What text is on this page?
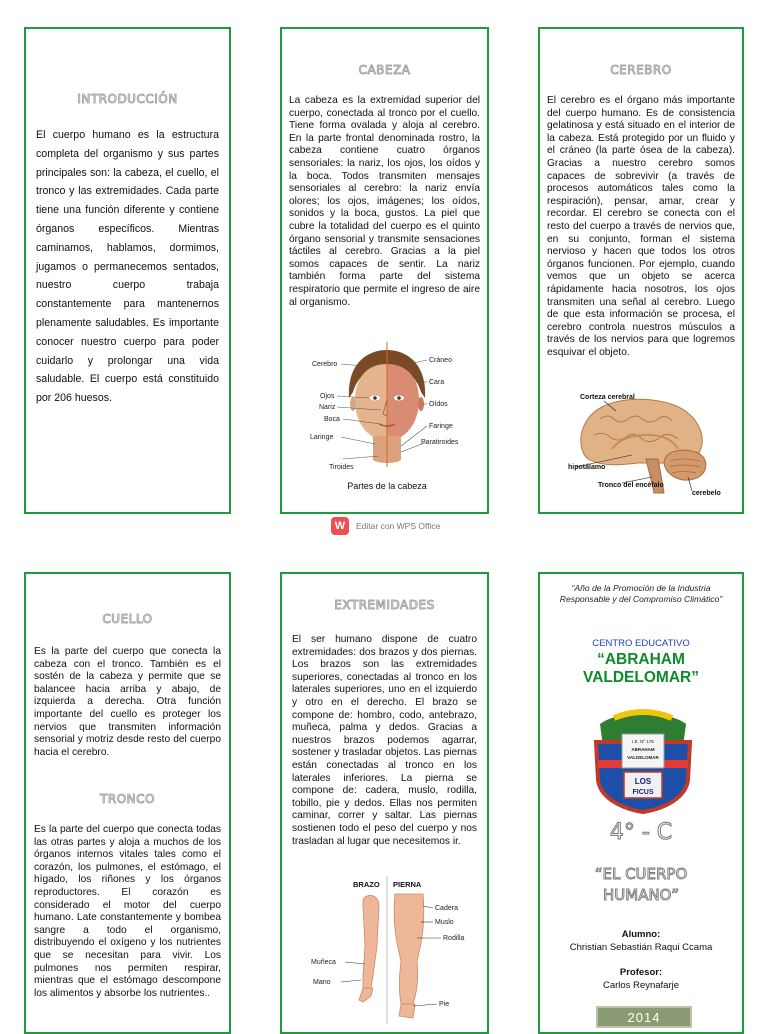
INTRODUCCIÓN
El cuerpo humano es la estructura completa del organismo y sus partes principales son: la cabeza, el cuello, el tronco y las extremidades. Cada parte tiene una función diferente y contiene órganos específicos. Mientras caminamos, hablamos, dormimos, jugamos o permanecemos sentados, nuestro cuerpo trabaja constantemente para mantenernos plenamente saludables. Es importante conocer nuestro cuerpo para poder cuidarlo y prolongar una vida saludable. El cuerpo está constituido por 206 huesos.
CABEZA
La cabeza es la extremidad superior del cuerpo, conectada al tronco por el cuello. Tiene forma ovalada y aloja al cerebro. En la parte frontal denominada rostro, la cabeza contiene cuatro órganos sensoriales: la nariz, los ojos, los oídos y la boca. Todos transmiten mensajes sensoriales al cerebro: la nariz envía olores; los ojos, imágenes; los oídos, sonidos y la boca, gustos. La piel que cubre la totalidad del cuerpo es el quinto órgano sensorial y transmite sensaciones táctiles al cerebro. Gracias a la piel somos capaces de sentir. La nariz también forma parte del sistema respiratorio que permite el ingreso de aire al organismo.
Cerebro
Ojos
Nariz
Boca
Laringe
Tiroides
Cráneo
Cara
Oídos
Faringe
Paratiroides
Partes de la cabeza
CEREBRO
El cerebro es el órgano más importante del cuerpo humano. Es de consistencia gelatinosa y está situado en el interior de la cabeza. Está protegido por un fluido y el cráneo (la parte ósea de la cabeza). Gracias a nuestro cerebro somos capaces de sobrevivir (a través de procesos automáticos tales como la respiración), pensar, amar, crear y recordar. El cerebro se conecta con el resto del cuerpo a través de nervios que, en su conjunto, forman el sistema nervioso y hacen que todos los otros órganos funcionen. Por ejemplo, cuando vemos que un objeto se acerca rápidamente hacia nosotros, los ojos transmiten una señal al cerebro. Luego de que esta información se procesa, el cerebro controla nuestros músculos a través de los nervios para que logremos esquivar el objeto.
Corteza cerebral
hipotálamo
Tronco del encéfalo
cerebelo
W	Editar con WPS Office
CUELLO
Es la parte del cuerpo que conecta la cabeza con el tronco. También es el sostén de la cabeza y permite que se balancee hacia arriba y abajo, de izquierda a derecha. Otra función importante del cuello es proteger los nervios que transmiten información sensorial y motriz desde resto del cuerpo hacia el cerebro.
TRONCO
Es la parte del cuerpo que conecta todas las otras partes y aloja a muchos de los órganos internos vitales tales como el corazón, los pulmones, el estómago, el hígado, los riñones y los órganos reproductores. El corazón es considerado el motor del cuerpo humano. Late constantemente y bombea sangre a todo el organismo, distribuyendo el oxígeno y los nutrientes que se necesitan para vivir. Los pulmones nos permiten respirar, mientras que el estómago descompone los alimentos y absorbe los nutrientes..
EXTREMIDADES
El ser humano dispone de cuatro extremidades: dos brazos y dos piernas. Los brazos son las extremidades superiores, conectadas al tronco en los laterales superiores, uno en el izquierdo y otro en el derecho. El brazo se compone de: hombro, codo, antebrazo, muñeca, palma y dedos. Gracias a nuestros brazos podemos agarrar, sostener y trasladar objetos. Las piernas están conectadas al tronco en los laterales inferiores. La pierna se compone de: cadera, muslo, rodilla, tobillo, pie y dedos. Ellas nos permiten caminar, correr y saltar. Las piernas sostienen todo el peso del cuerpo y nos trasladan al lugar que necesitemos ir.
BRAZO PIERNA
Cadera
Muslo
Rodilla
Muñeca
Mano
Pie
“Año de la Promoción de la Industria Responsable y del Compromiso Climático”
CENTRO EDUCATIVO
“ABRAHAM
VALDELOMAR”
I.E. Nº 176
ABRAHAM
VALDELOMAR
LOS
FICUS
4° - C
“EL CUERPO
HUMANO”
Alumno:
Christian Sebastián Raqui Ccama
Profesor:
Carlos Reynafarje
2014
